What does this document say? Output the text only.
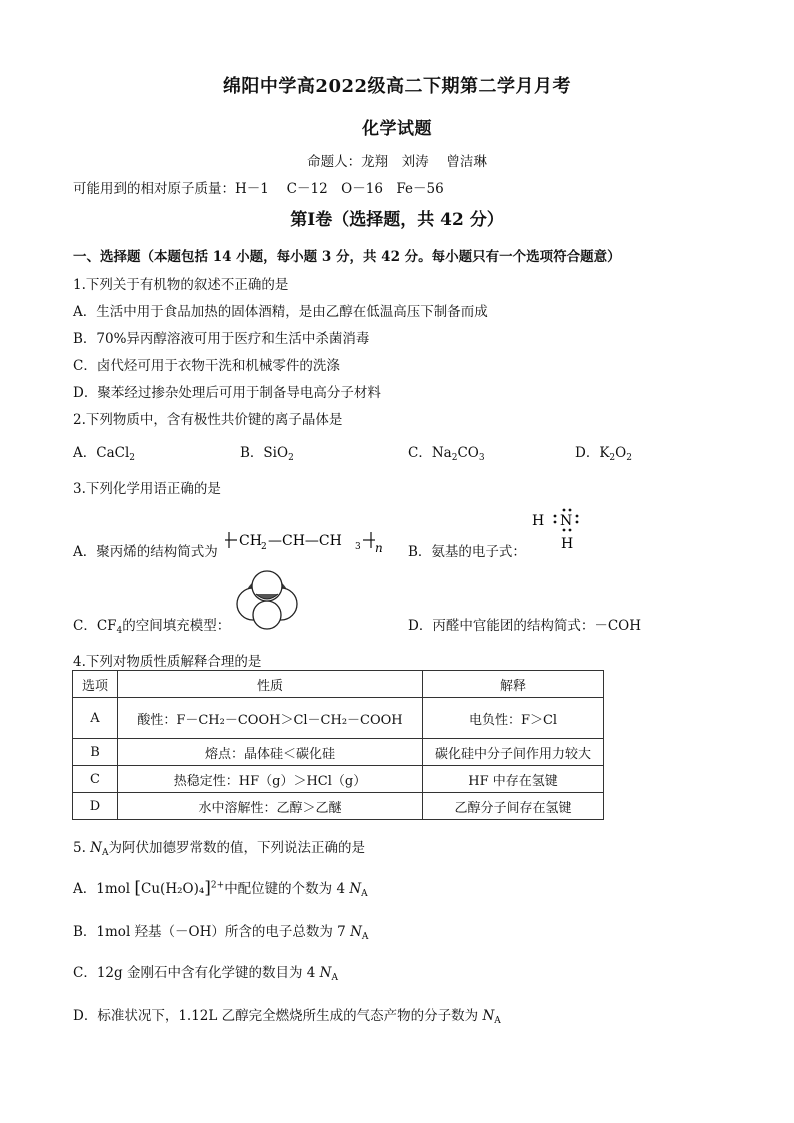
绵阳中学高2022级高二下期第二学月月考
化学试题
命题人：龙翔　刘涛　 曾洁琳
可能用到的相对原子质量：H－1　 C－12　O－16　Fe－56
第Ⅰ卷（选择题，共 42 分）
一、选择题（本题包括 14 小题，每小题 3 分，共 42 分。每小题只有一个选项符合题意）
1.下列关于有机物的叙述不正确的是
A．生活中用于食品加热的固体酒精，是由乙醇在低温高压下制备而成
B．70%异丙醇溶液可用于医疗和生活中杀菌消毒
C．卤代烃可用于衣物干洗和机械零件的洗涤
D．聚苯经过掺杂处理后可用于制备导电高分子材料
2.下列物质中，含有极性共价键的离子晶体是
A．CaCl$_2$	B．SiO$_2$	C．$Na_2CO_3$	D．$K_2O_2$
3.下列化学用语正确的是
A．聚丙烯的结构简式为
CH 2 —CH—CH 3 n B．氨基的电子式：
H N
H
C．$CF_4$的空间填充模型：	D．丙醛中官能团的结构简式：－COH
4.下列对物质性质解释合理的是
选项	性质	解释
A	酸性：F－CH₂－COOH＞Cl－CH₂－COOH	电负性：F＞Cl
B	熔点：晶体硅＜碳化硅	碳化硅中分子间作用力较大
C	热稳定性：HF（g）＞HCl（g）	HF 中存在氢键
D	水中溶解性：乙醇＞乙醚	乙醇分子间存在氢键
5. $N_A$为阿伏加德罗常数的值，下列说法正确的是
A．1mol $[Cu(H_2O)_4]^{2+}$中配位键的个数为 4 $N_A$
B．1mol 羟基（－OH）所含的电子总数为 7 $N_A$
C．12g 金刚石中含有化学键的数目为 4 $N_A$
D．标准状况下，1.12L 乙醇完全燃烧所生成的气态产物的分子数为 $N_A$
